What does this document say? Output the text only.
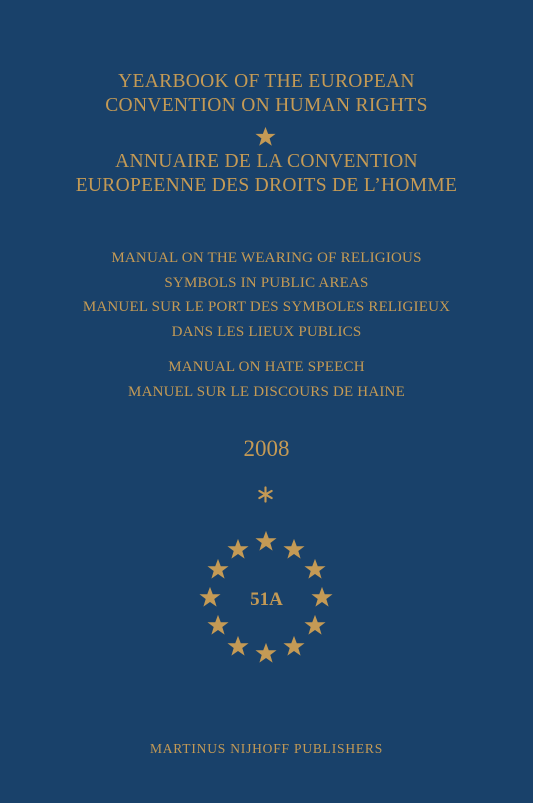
YEARBOOK OF THE EUROPEAN
CONVENTION ON HUMAN RIGHTS
ANNUAIRE DE LA CONVENTION
EUROPEENNE DES DROITS DE L’HOMME
MANUAL ON THE WEARING OF RELIGIOUS
SYMBOLS IN PUBLIC AREAS
MANUEL SUR LE PORT DES SYMBOLES RELIGIEUX
DANS LES LIEUX PUBLICS
MANUAL ON HATE SPEECH
MANUEL SUR LE DISCOURS DE HAINE
2008
51A
MARTINUS NIJHOFF PUBLISHERS
